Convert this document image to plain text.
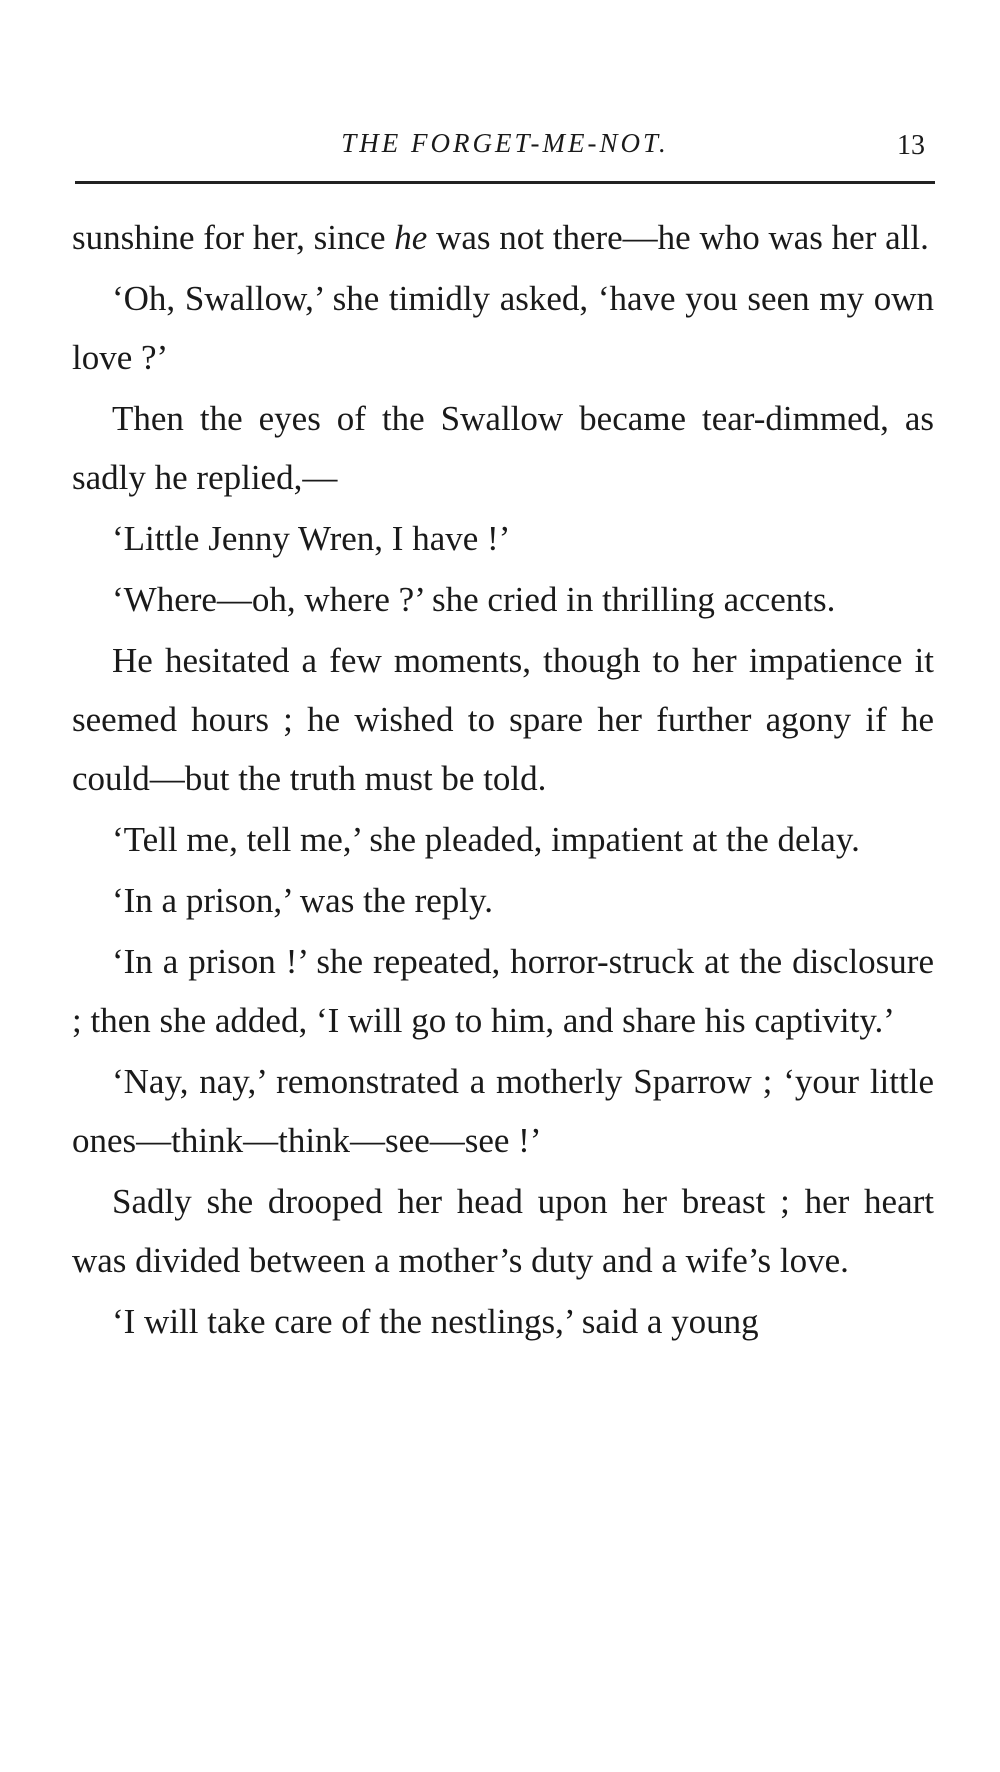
THE FORGET-ME-NOT.	13

sunshine for her, since he was not there—he who was her all.

‘Oh, Swallow,’ she timidly asked, ‘have you seen my own love ?’

Then the eyes of the Swallow became tear-dimmed, as sadly he replied,—

‘Little Jenny Wren, I have !’

‘Where—oh, where ?’ she cried in thrilling accents.

He hesitated a few moments, though to her impatience it seemed hours ; he wished to spare her further agony if he could—but the truth must be told.

‘Tell me, tell me,’ she pleaded, impatient at the delay.

‘In a prison,’ was the reply.

‘In a prison !’ she repeated, horror-struck at the disclosure ; then she added, ‘I will go to him, and share his captivity.’

‘Nay, nay,’ remonstrated a motherly Sparrow ; ‘your little ones—think—think—see—see !’

Sadly she drooped her head upon her breast ; her heart was divided between a mother’s duty and a wife’s love.

‘I will take care of the nestlings,’ said a young
